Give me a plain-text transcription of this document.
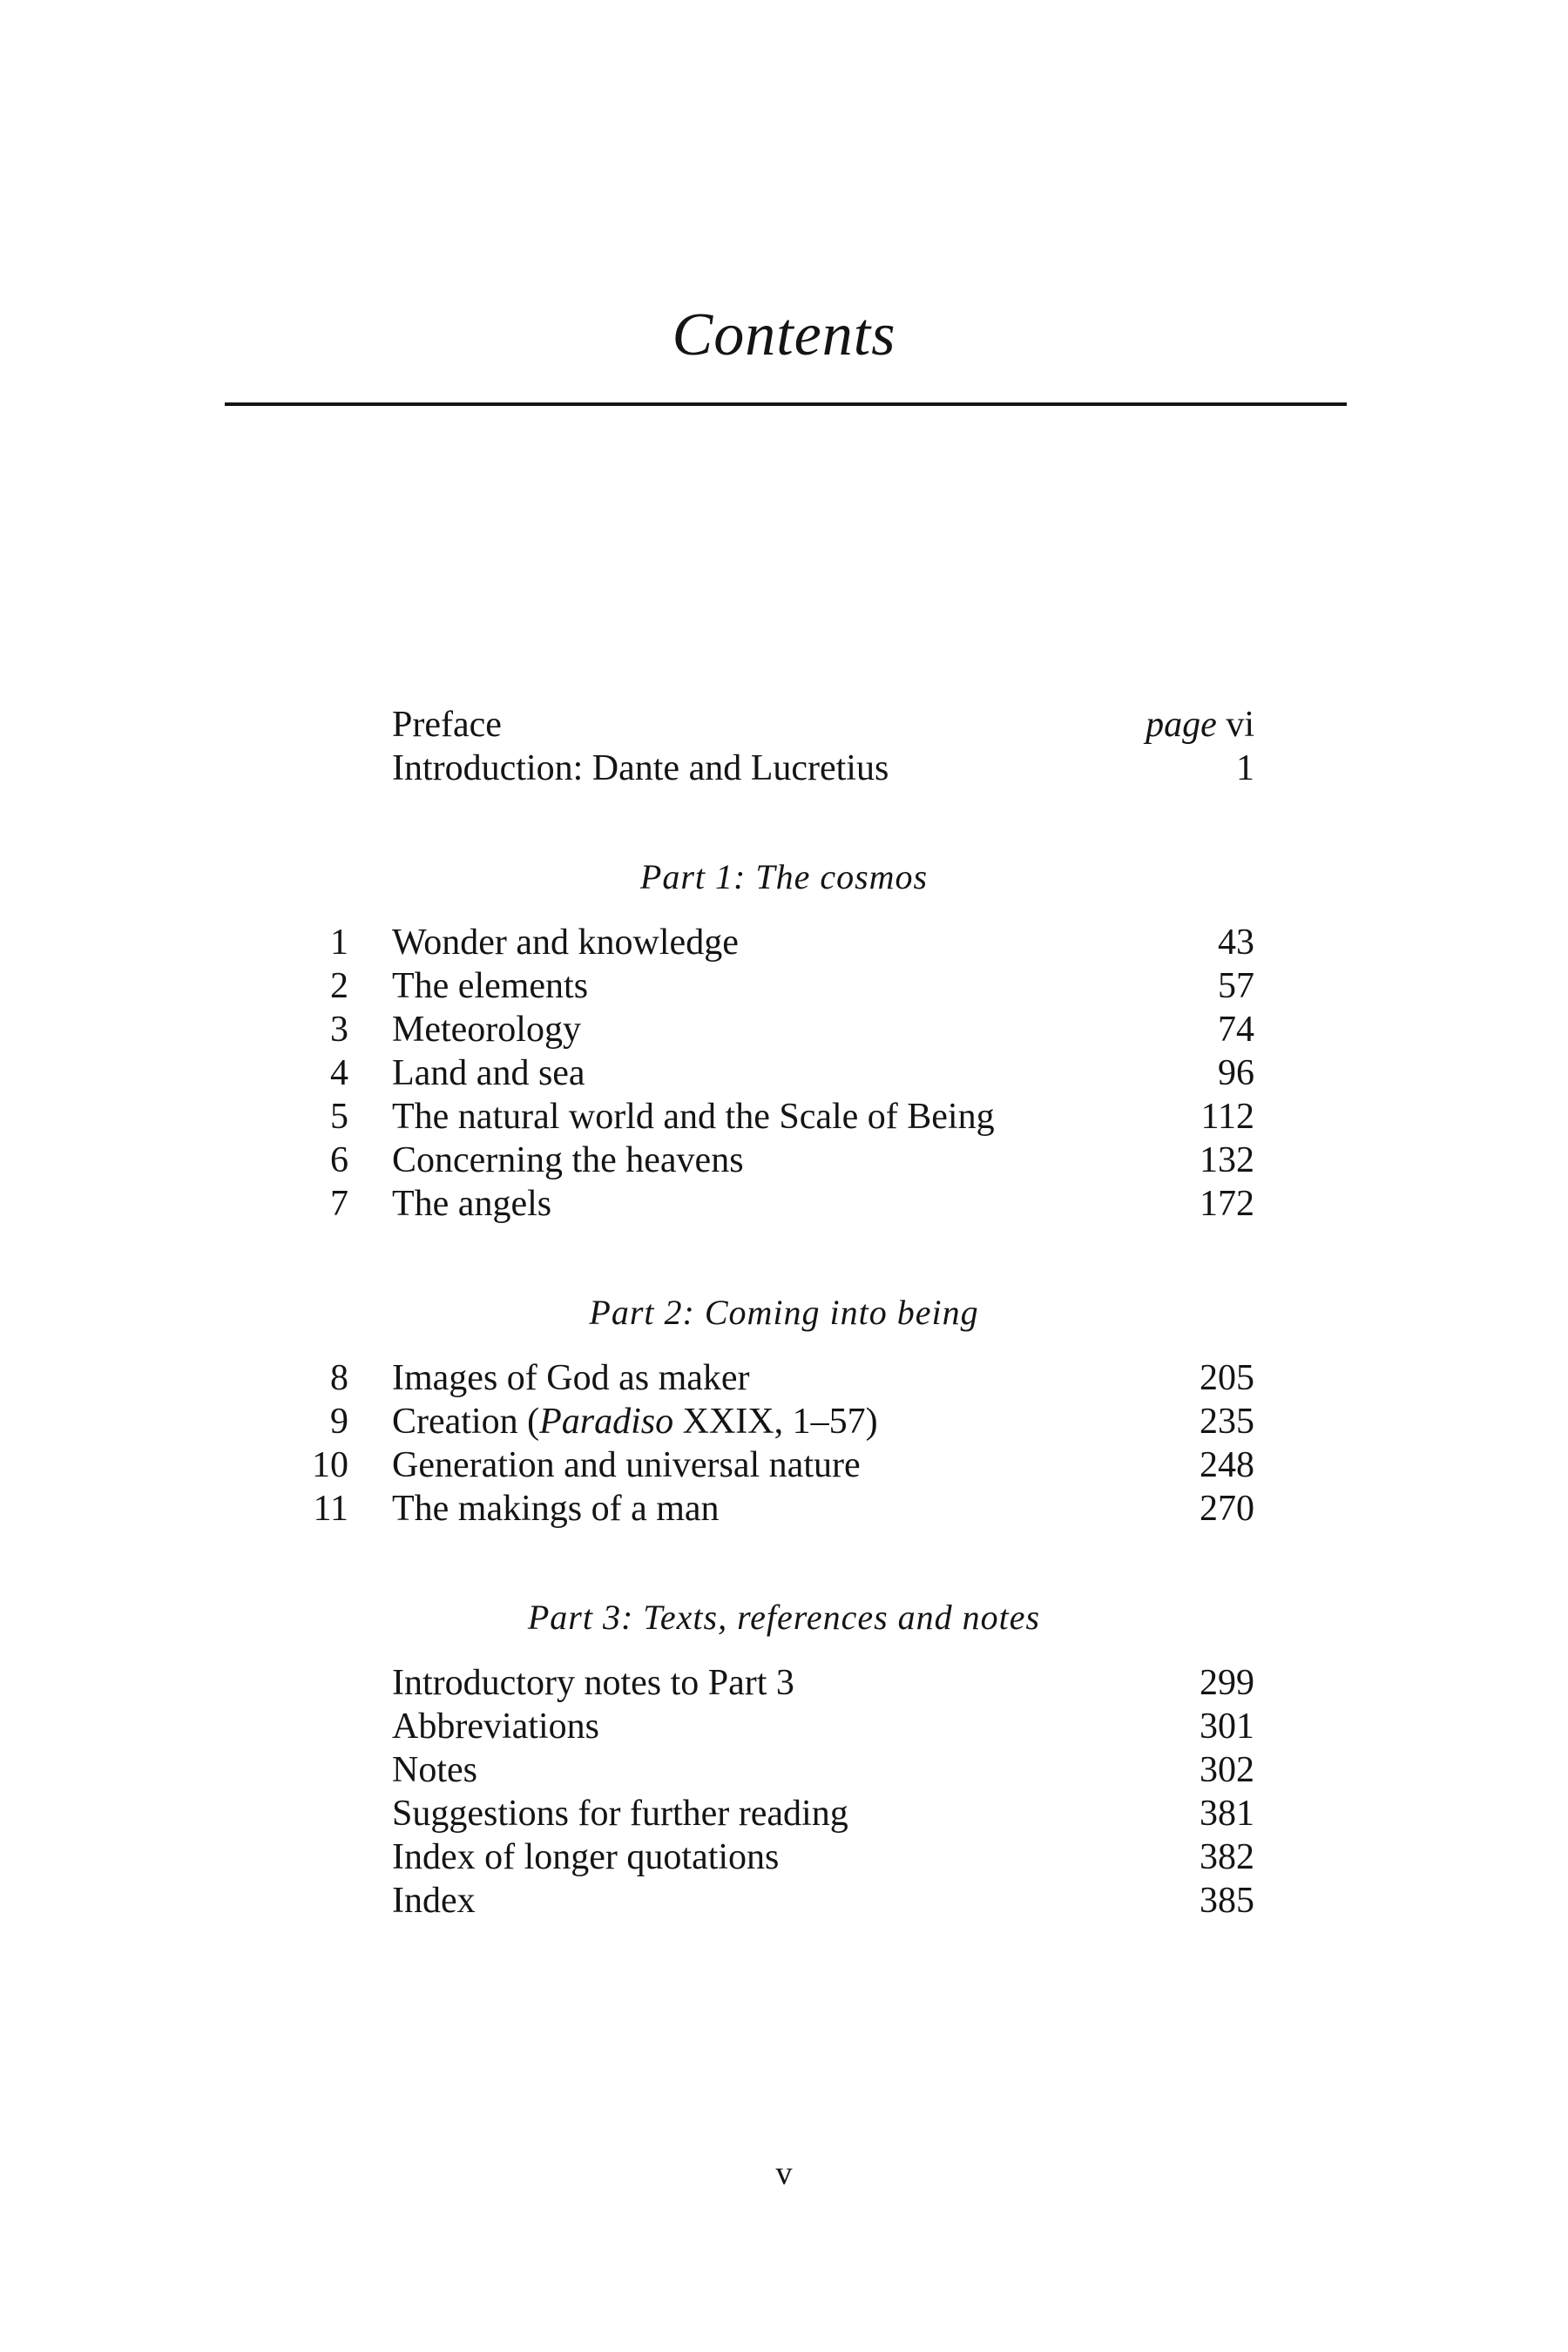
Contents
Preface	page vi
Introduction: Dante and Lucretius	1
Part 1: The cosmos
1 Wonder and knowledge	43
2 The elements	57
3 Meteorology	74
4 Land and sea	96
5 The natural world and the Scale of Being	112
6 Concerning the heavens	132
7 The angels	172
Part 2: Coming into being
8 Images of God as maker	205
9 Creation (Paradiso XXIX, 1–57)	235
10 Generation and universal nature	248
11 The makings of a man	270
Part 3: Texts, references and notes
Introductory notes to Part 3	299
Abbreviations	301
Notes	302
Suggestions for further reading	381
Index of longer quotations	382
Index	385
v
